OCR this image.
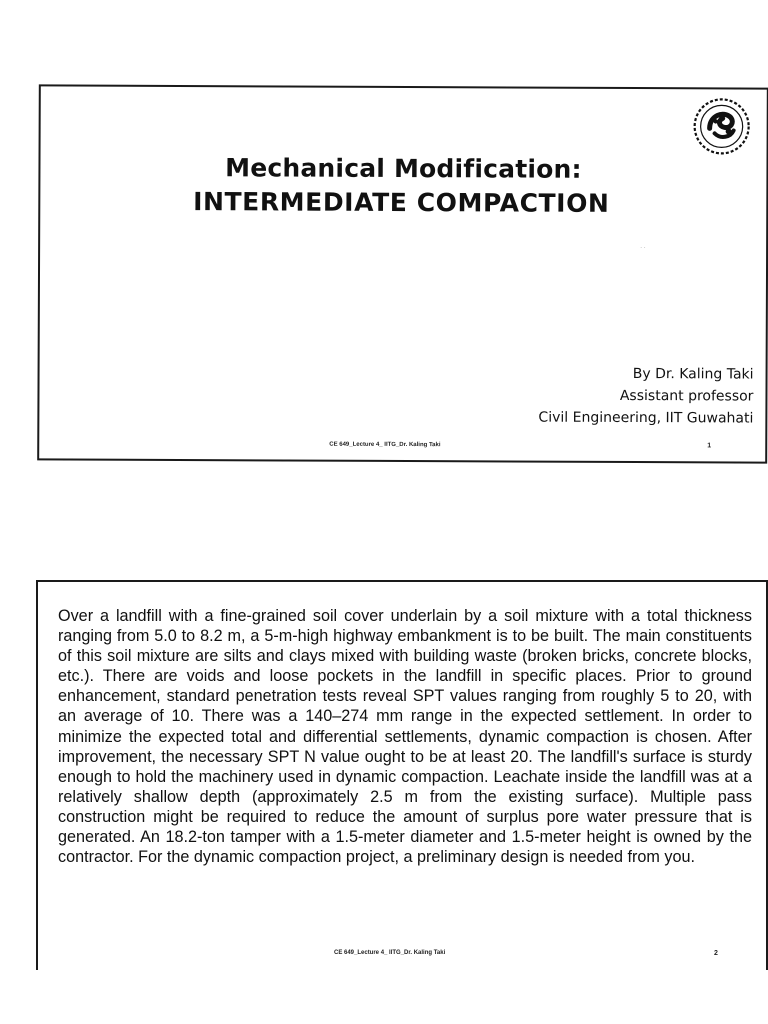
Mechanical Modification:
INTERMEDIATE COMPACTION
· ·
By Dr. Kaling Taki
Assistant professor
Civil Engineering, IIT Guwahati
CE 649_Lecture 4_ IITG_Dr. Kaling Taki	1

Over a landfill with a fine-grained soil cover underlain by a soil mixture with a total thickness ranging from 5.0 to 8.2 m, a 5-m-high highway embankment is to be built. The main constituents of this soil mixture are silts and clays mixed with building waste (broken bricks, concrete blocks, etc.). There are voids and loose pockets in the landfill in specific places. Prior to ground enhancement, standard penetration tests reveal SPT values ranging from roughly 5 to 20, with an average of 10. There was a 140–274 mm range in the expected settlement. In order to minimize the expected total and differential settlements, dynamic compaction is chosen. After improvement, the necessary SPT N value ought to be at least 20. The landfill's surface is sturdy enough to hold the machinery used in dynamic compaction. Leachate inside the landfill was at a relatively shallow depth (approximately 2.5 m from the existing surface). Multiple pass construction might be required to reduce the amount of surplus pore water pressure that is generated. An 18.2-ton tamper with a 1.5-meter diameter and 1.5-meter height is owned by the contractor. For the dynamic compaction project, a preliminary design is needed from you.

CE 649_Lecture 4_ IITG_Dr. Kaling Taki	2
